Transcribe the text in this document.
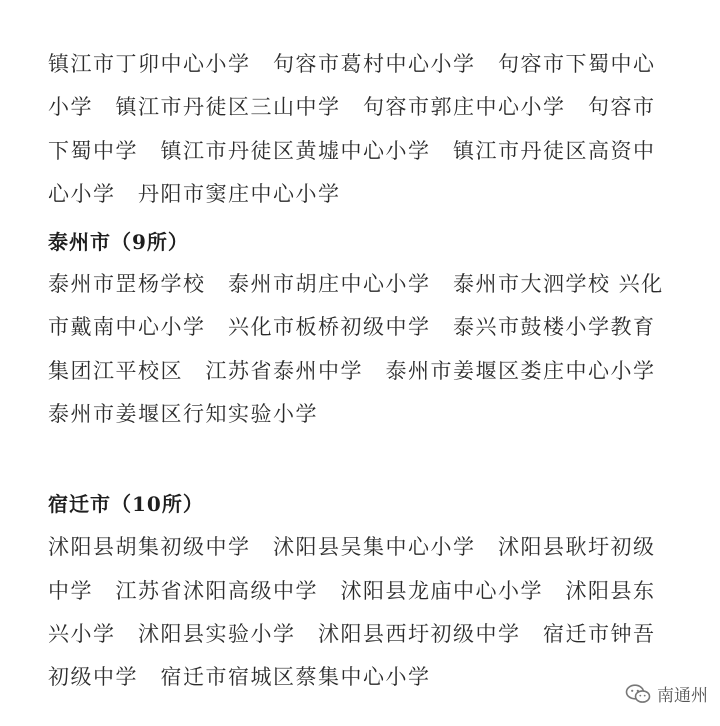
镇江市丁卯中心小学　句容市葛村中心小学　句容市下蜀中心
小学　镇江市丹徒区三山中学　句容市郭庄中心小学　句容市
下蜀中学　镇江市丹徒区黄墟中心小学　镇江市丹徒区高资中
心小学　丹阳市窦庄中心小学
泰州市（9所）
泰州市罡杨学校　泰州市胡庄中心小学　泰州市大泗学校 兴化
市戴南中心小学　兴化市板桥初级中学　泰兴市鼓楼小学教育
集团江平校区　江苏省泰州中学　泰州市姜堰区娄庄中心小学
泰州市姜堰区行知实验小学
宿迁市（10所）
沭阳县胡集初级中学　沭阳县吴集中心小学　沭阳县耿圩初级
中学　江苏省沭阳高级中学　沭阳县龙庙中心小学　沭阳县东
兴小学　沭阳县实验小学　沭阳县西圩初级中学　宿迁市钟吾
初级中学　宿迁市宿城区蔡集中心小学
南通州
